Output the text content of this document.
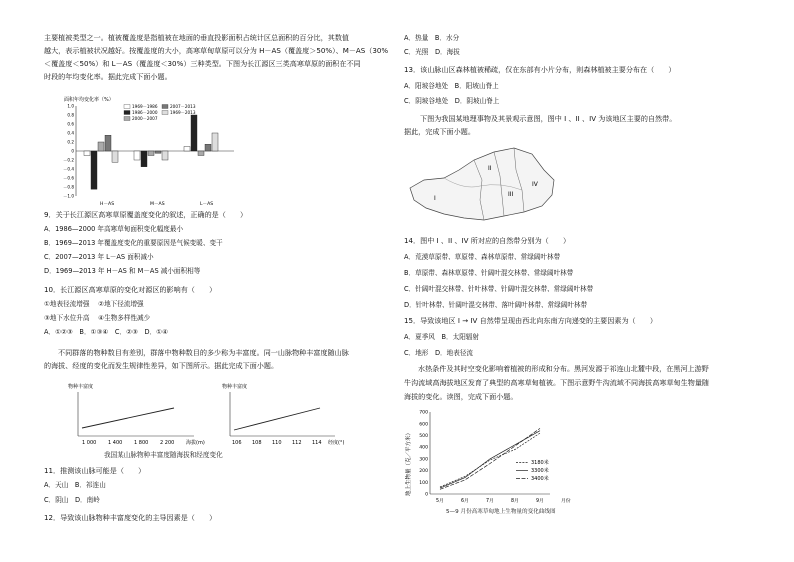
主要植被类型之一。植被覆盖度是指植被在地面的垂直投影面积占统计区总面积的百分比，其数值
越大，表示植被状况越好。按覆盖度的大小，高寒草甸草原可以分为 H－AS（覆盖度＞50%）、M－AS（30%
＜覆盖度＜50%）和 L－AS（覆盖度＜30%）三种类型。下图为长江源区三类高寒草原的面积在不同
时段的年均变化率。据此完成下面小题。
面积年均变化率（%）
1.0
0.8
0.6
0.4
0.2
0
－0.2
－0.4
－0.6
－0.8
－1.0
H－AS	M－AS	L－AS
1969－1986
1986－2000
2000－2007
2007－2013
1969－2013
9．关于长江源区高寒草原覆盖度变化的叙述，正确的是（　　）
A．1986—2000 年高寒草甸面积变化幅度最小
B．1969—2013 年覆盖度变化的重要原因是气候变暖、变干
C．2007—2013 年 L－AS 面积减小
D．1969—2013 年 H－AS 和 M－AS 减小面积相等
10．长江源区高寒草原的变化对源区的影响有（　　）
①地表径流增强　 ②地下径流增强
③地下水位升高　 ④生物多样性减少
A．①②③　B．①③④　C．②③　D．①④
不同群落的物种数目有差别，群落中物种数目的多少称为丰富度。同一山脉物种丰富度随山脉
的海拔、经度的变化而发生规律性差异，如下图所示。据此完成下面小题。
物种丰富度
1 000 1 400 1 800 2 200 海拔(m)
物种丰富度
106 108 110 112 114 经度(°)
我国某山脉物种丰富度随海拔和经度变化
11．推测该山脉可能是（　　）
A．天山　B．祁连山
C．阴山　D．南岭
12．导致该山脉物种丰富度变化的主导因素是（　　）
A．热量　B．水分
C．光照　D．海拔
13．该山脉山区森林植被稀疏，仅在东部有小片分布，则森林植被主要分布在（　　）
A．阳坡谷地处　B．阳坡山脊上
C．阴坡谷地处　D．阴坡山脊上
下图为我国某地理事物及其景观示意图，图中 I 、II 、IV 为该地区主要的自然带。
据此，完成下面小题。
I
II
III
IV
14．图中 I 、II 、IV 所对应的自然带分别为（　　）
A．荒漠草原带、草原带、森林草原带、常绿阔叶林带
B．草原带、森林草原带、针阔叶混交林带、常绿阔叶林带
C．针阔叶混交林带、针叶林带、针阔叶混交林带、常绿阔叶林带
D．针叶林带、针阔叶混交林带、落叶阔叶林带、常绿阔叶林带
15．导致该地区 I → IV 自然带呈现由西北向东南方向递变的主要因素为（　　）
A．夏季风　B．太阳辐射
C．地形　D．地表径流
水热条件及其时空变化影响着植被的形成和分布。黑河发源于祁连山北麓中段，在黑河上游野
牛沟流域高海拔地区发育了典型的高寒草甸植被。下图示意野牛沟流域不同海拔高寒草甸生物量随
海拔的变化。读图，完成下面小题。
地上生物量（克／平方米）
700
600
500
400
300
200
100
0
5月	6月	7月	8月	9月	月份
3180米
3300米
3400米
5—9 月份高寒草甸地上生物量的变化曲线图
